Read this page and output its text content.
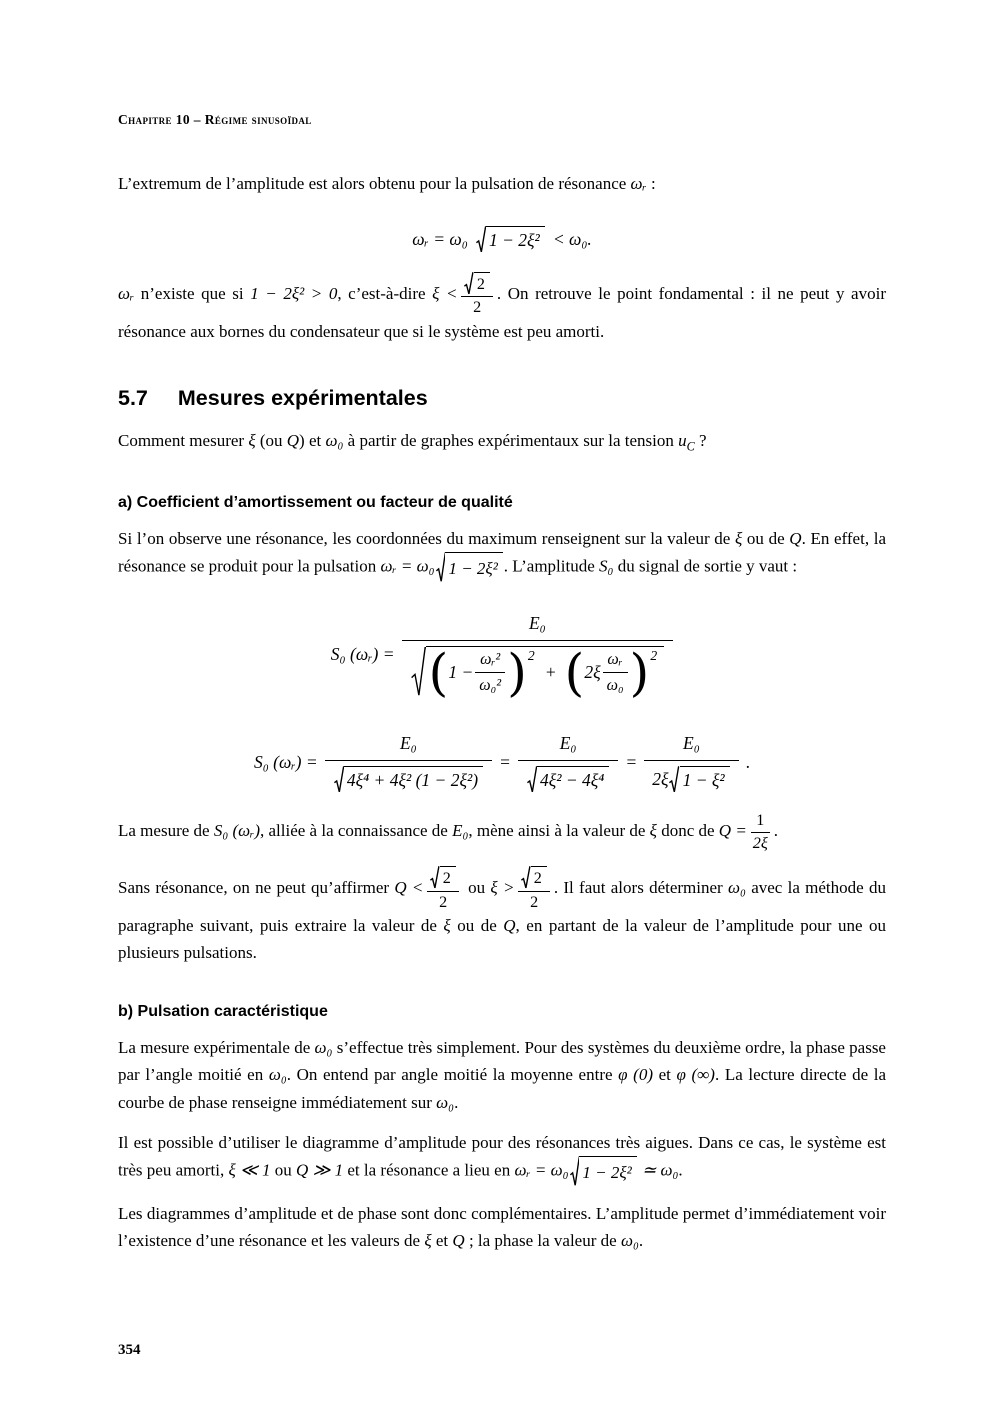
Chapitre 10 – Régime sinusoïdal

L’extremum de l’amplitude est alors obtenu pour la pulsation de résonance ωᵣ :

ωᵣ = ω₀ 1 − 2ξ² < ω₀.

ωᵣ n’existe que si 1 − 2ξ² > 0, c’est-à-dire $\xi < \frac{2}{2}$ . On retrouve le point fondamental : il ne peut y avoir résonance aux bornes du condensateur que si le système est peu amorti.

5.7 Mesures expérimentales

Comment mesurer ξ (ou Q) et ω₀ à partir de graphes expérimentaux sur la tension $u_C$ ?

a) Coefficient d’amortissement ou facteur de qualité

Si l’on observe une résonance, les coordonnées du maximum renseignent sur la valeur de ξ ou de Q. En effet, la résonance se produit pour la pulsation ωᵣ = ω₀ 1 − 2ξ² . L’amplitude S₀ du signal de sortie y vaut :

S₀ (ωᵣ) = E₀
( $1 - \frac{\text{ωᵣ²}}{\text{ω₀²}} )^2$
+ ( $2\xi \frac{\text{ωᵣ}}{\text{ω₀}} )^2$
S₀ (ωᵣ) = $\frac{\text{E₀}}{\text{4ξ⁴ + 4ξ² (1 − 2ξ²)}} = \frac{\text{E₀}}{\text{4ξ² − 4ξ⁴}} = \frac{\text{E₀}}{\text{2ξ 1 − ξ²}}$ .

La mesure de S₀ (ωᵣ), alliée à la connaissance de E₀, mène ainsi à la valeur de ξ donc de $Q = \frac{1}{2\xi}$ .

Sans résonance, on ne peut qu’affirmer $Q < \frac{2}{2}$ ou $\xi > \frac{2}{2}$ . Il faut alors déterminer ω₀ avec la méthode du paragraphe suivant, puis extraire la valeur de ξ ou de Q, en partant de la valeur de l’amplitude pour une ou plusieurs pulsations.

b) Pulsation caractéristique

La mesure expérimentale de ω₀ s’effectue très simplement. Pour des systèmes du deuxième ordre, la phase passe par l’angle moitié en ω₀. On entend par angle moitié la moyenne entre φ (0) et φ (∞). La lecture directe de la courbe de phase renseigne immédiatement sur ω₀.

Il est possible d’utiliser le diagramme d’amplitude pour des résonances très aigues. Dans ce cas, le système est très peu amorti, ξ ≪ 1 ou Q ≫ 1 et la résonance a lieu en ωᵣ = ω₀ 1 − 2ξ² ≃ ω₀.

Les diagrammes d’amplitude et de phase sont donc complémentaires. L’amplitude permet d’immédiatement voir l’existence d’une résonance et les valeurs de ξ et Q ; la phase la valeur de ω₀.

354
